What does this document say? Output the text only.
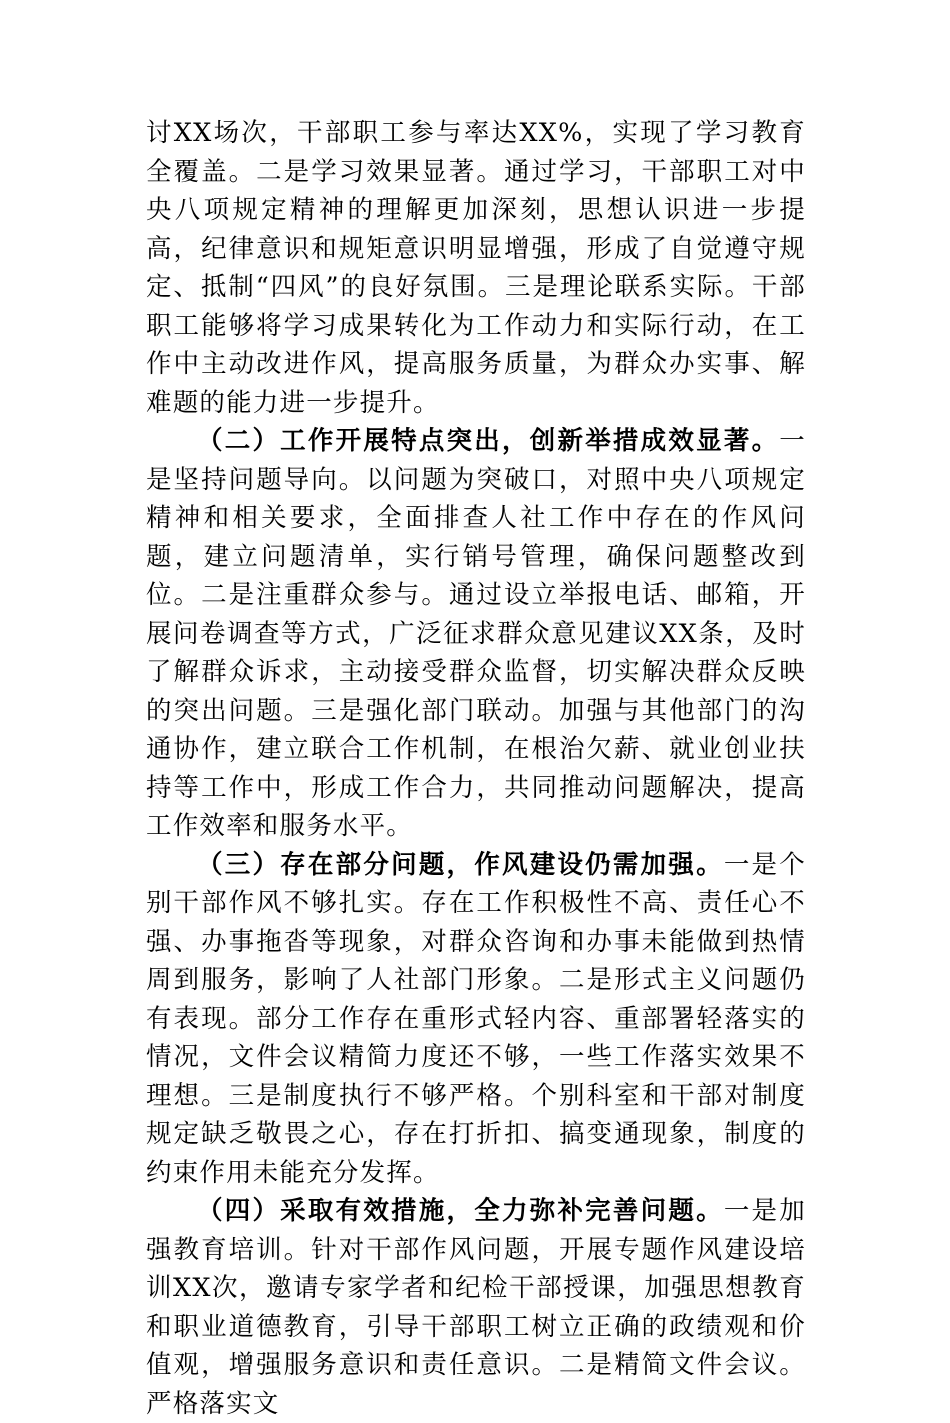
讨XX场次，干部职工参与率达XX%，实现了学习教育全覆盖。二是学习效果显著。通过学习，干部职工对中央八项规定精神的理解更加深刻，思想认识进一步提高，纪律意识和规矩意识明显增强，形成了自觉遵守规定、抵制“四风”的良好氛围。三是理论联系实际。干部职工能够将学习成果转化为工作动力和实际行动，在工作中主动改进作风，提高服务质量，为群众办实事、解难题的能力进一步提升。

（二）工作开展特点突出，创新举措成效显著。一是坚持问题导向。以问题为突破口，对照中央八项规定精神和相关要求，全面排查人社工作中存在的作风问题，建立问题清单，实行销号管理，确保问题整改到位。二是注重群众参与。通过设立举报电话、邮箱，开展问卷调查等方式，广泛征求群众意见建议XX条，及时了解群众诉求，主动接受群众监督，切实解决群众反映的突出问题。三是强化部门联动。加强与其他部门的沟通协作，建立联合工作机制，在根治欠薪、就业创业扶持等工作中，形成工作合力，共同推动问题解决，提高工作效率和服务水平。

（三）存在部分问题，作风建设仍需加强。一是个别干部作风不够扎实。存在工作积极性不高、责任心不强、办事拖沓等现象，对群众咨询和办事未能做到热情周到服务，影响了人社部门形象。二是形式主义问题仍有表现。部分工作存在重形式轻内容、重部署轻落实的情况，文件会议精简力度还不够，一些工作落实效果不理想。三是制度执行不够严格。个别科室和干部对制度规定缺乏敬畏之心，存在打折扣、搞变通现象，制度的约束作用未能充分发挥。

（四）采取有效措施，全力弥补完善问题。一是加强教育培训。针对干部作风问题，开展专题作风建设培训XX次，邀请专家学者和纪检干部授课，加强思想教育和职业道德教育，引导干部职工树立正确的政绩观和价值观，增强服务意识和责任意识。二是精简文件会议。严格落实文
